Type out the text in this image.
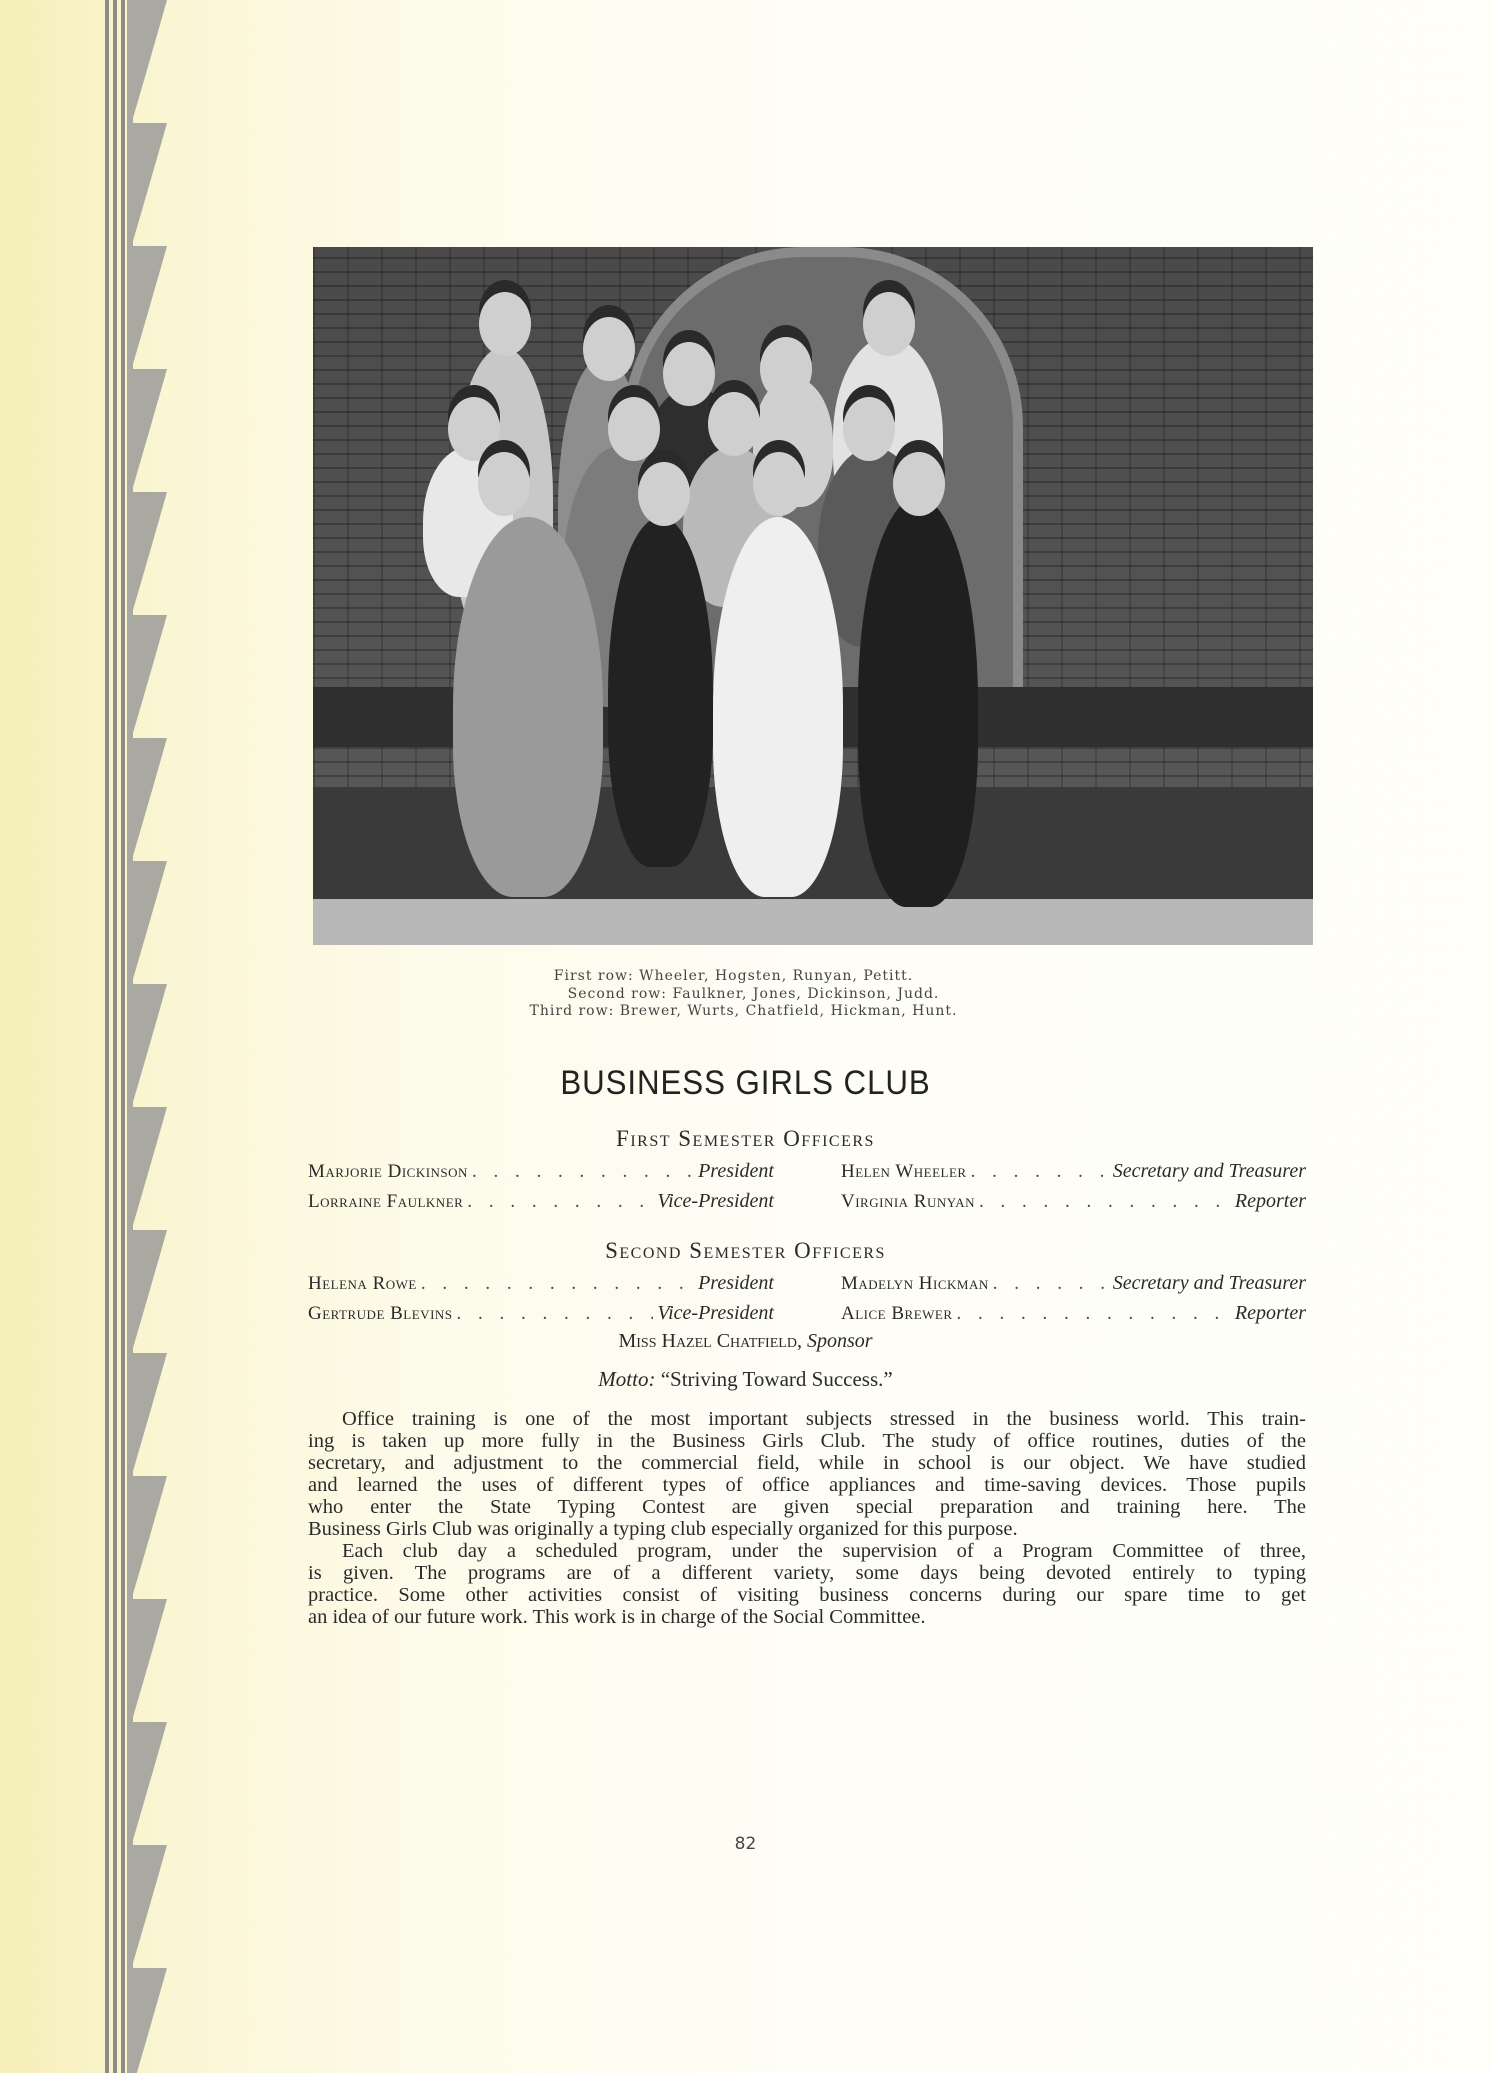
First row: Wheeler, Hogsten, Runyan, Petitt.
Second row: Faulkner, Jones, Dickinson, Judd.
Third row: Brewer, Wurts, Chatfield, Hickman, Hunt.
BUSINESS GIRLS CLUB
First Semester Officers
Marjorie Dickinson . . .	President	Helen Wheeler . . .	Secretary and Treasurer
Lorraine Faulkner . . .	Vice-President	Virginia Runyan . . .	Reporter
Second Semester Officers
Helena Rowe . . .	President	Madelyn Hickman . . .	Secretary and Treasurer
Gertrude Blevins . . .	Vice-President	Alice Brewer . . .	Reporter
Miss Hazel Chatfield, Sponsor
Motto: “Striving Toward Success.”
Office training is one of the most important subjects stressed in the business world. This train-
ing is taken up more fully in the Business Girls Club. The study of office routines, duties of the
secretary, and adjustment to the commercial field, while in school is our object. We have studied
and learned the uses of different types of office appliances and time-saving devices. Those pupils
who enter the State Typing Contest are given special preparation and training here. The
Business Girls Club was originally a typing club especially organized for this purpose.
Each club day a scheduled program, under the supervision of a Program Committee of three,
is given. The programs are of a different variety, some days being devoted entirely to typing
practice. Some other activities consist of visiting business concerns during our spare time to get
an idea of our future work. This work is in charge of the Social Committee.
82
